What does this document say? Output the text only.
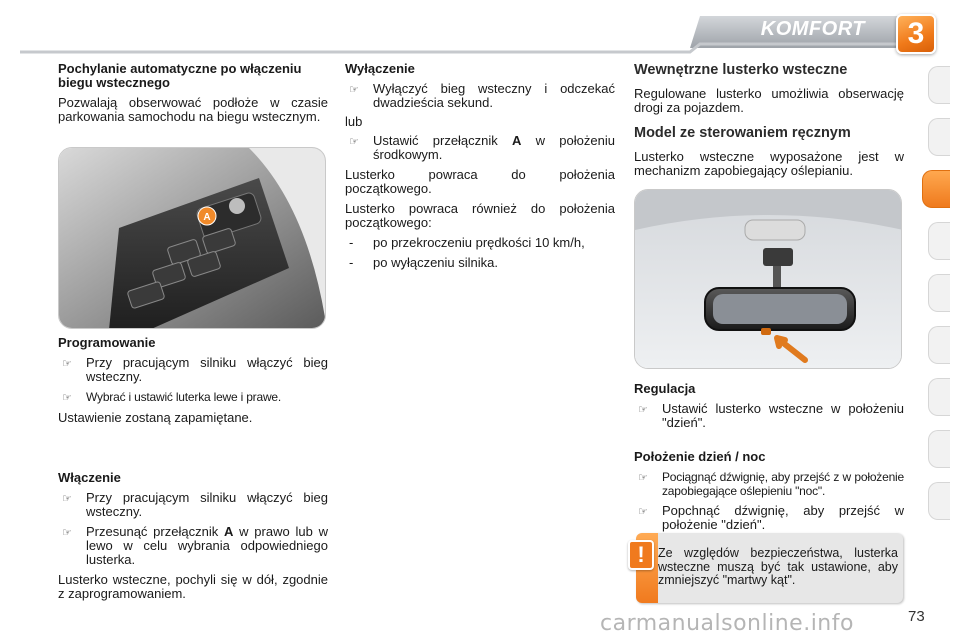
KOMFORT 3
Pochylanie automatyczne po włączeniu biegu wstecznego

Pozwalają obserwować podłoże w czasie parkowania samochodu na biegu wstecznym.

Programowanie
☞	Przy pracującym silniku włączyć bieg wsteczny.
☞	Wybrać i ustawić luterka lewe i prawe.

Ustawienie zostaną zapamiętane.

Włączenie
☞	Przy pracującym silniku włączyć bieg wsteczny.
☞	Przesunąć przełącznik A w prawo lub w lewo w celu wybrania odpowiedniego lusterka.

Lusterko wsteczne, pochyli się w dół, zgodnie z zaprogramowaniem.

A
Wyłączenie
☞	Wyłączyć bieg wsteczny i odczekać dwadzieścia sekund.

lub

☞	Ustawić przełącznik A w położeniu środkowym.

Lusterko powraca do położenia początkowego.

Lusterko powraca również do położenia początkowego:

-	po przekroczeniu prędkości 10 km/h,
-	po wyłączeniu silnika.
Wewnętrzne lusterko wsteczne

Regulowane lusterko umożliwia obserwację drogi za pojazdem.

Model ze sterowaniem ręcznym

Lusterko wsteczne wyposażone jest w mechanizm zapobiegający oślepianiu.

Regulacja
☞	Ustawić lusterko wsteczne w położeniu "dzień".
Położenie dzień / noc
☞	Pociągnąć dźwignię, aby przejść z w położenie zapobiegające oślepieniu "noc".
☞	Popchnąć dźwignię, aby przejść w położenie "dzień".
! Ze względów bezpieczeństwa, lusterka wsteczne muszą być tak ustawione, aby zmniejszyć "martwy kąt".
carmanualsonline.info	73
